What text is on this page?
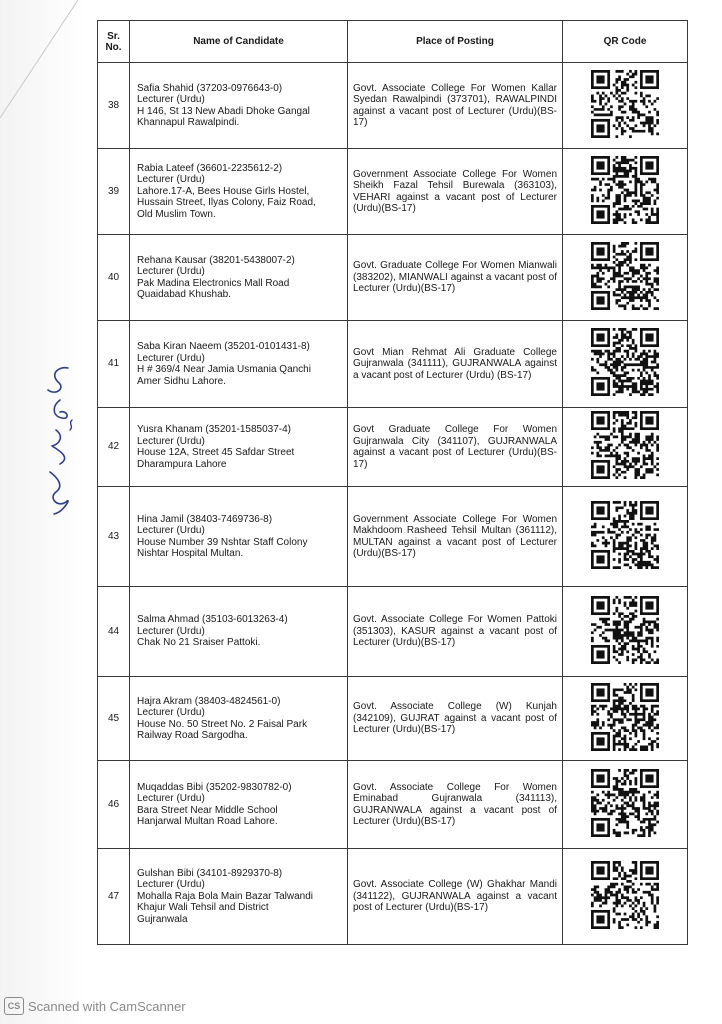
Sr.
No.	Name of Candidate	Place of Posting	QR Code
38	Safia Shahid (37203-0976643-0)
Lecturer (Urdu)
H 146, St 13 New Abadi Dhoke Gangal
Khannapul Rawalpindi.	Govt. Associate College For Women Kallar Syedan Rawalpindi (373701), RAWALPINDI against a vacant post of Lecturer (Urdu)(BS-17)

39	Rabia Lateef (36601-2235612-2)
Lecturer (Urdu)
Lahore.17-A, Bees House Girls Hostel,
Hussain Street, Ilyas Colony, Faiz Road,
Old Muslim Town.	Government Associate College For Women Sheikh Fazal Tehsil Burewala (363103), VEHARI against a vacant post of Lecturer (Urdu)(BS-17)

40	Rehana Kausar (38201-5438007-2)
Lecturer (Urdu)
Pak Madina Electronics Mall Road
Quaidabad Khushab.	Govt. Graduate College For Women Mianwali (383202), MIANWALI against a vacant post of Lecturer (Urdu)(BS-17)

41	Saba Kiran Naeem (35201-0101431-8)
Lecturer (Urdu)
H # 369/4 Near Jamia Usmania Qanchi
Amer Sidhu Lahore.	Govt Mian Rehmat Ali Graduate College Gujranwala (341111), GUJRANWALA against a vacant post of Lecturer (Urdu) (BS-17)

42	Yusra Khanam (35201-1585037-4)
Lecturer (Urdu)
House 12A, Street 45 Safdar Street
Dharampura Lahore	Govt Graduate College For Women Gujranwala City (341107), GUJRANWALA against a vacant post of Lecturer (Urdu)(BS-17)

43	Hina Jamil (38403-7469736-8)
Lecturer (Urdu)
House Number 39 Nshtar Staff Colony
Nishtar Hospital Multan.	Government Associate College For Women Makhdoom Rasheed Tehsil Multan (361112), MULTAN against a vacant post of Lecturer (Urdu)(BS-17)

44	Salma Ahmad (35103-6013263-4)
Lecturer (Urdu)
Chak No 21 Sraiser Pattoki.	Govt. Associate College For Women Pattoki (351303), KASUR against a vacant post of Lecturer (Urdu)(BS-17)

45	Hajra Akram (38403-4824561-0)
Lecturer (Urdu)
House No. 50 Street No. 2 Faisal Park
Railway Road Sargodha.	Govt. Associate College (W) Kunjah (342109), GUJRAT against a vacant post of Lecturer (Urdu)(BS-17)

46	Muqaddas Bibi (35202-9830782-0)
Lecturer (Urdu)
Bara Street Near Middle School
Hanjarwal Multan Road Lahore.	Govt. Associate College For Women Eminabad Gujranwala (341113), GUJRANWALA against a vacant post of Lecturer (Urdu)(BS-17)

47	Gulshan Bibi (34101-8929370-8)
Lecturer (Urdu)
Mohalla Raja Bola Main Bazar Talwandi
Khajur Wali Tehsil and District
Gujranwala	Govt. Associate College (W) Ghakhar Mandi (341122), GUJRANWALA against a vacant post of Lecturer (Urdu)(BS-17)

CS Scanned with CamScanner
